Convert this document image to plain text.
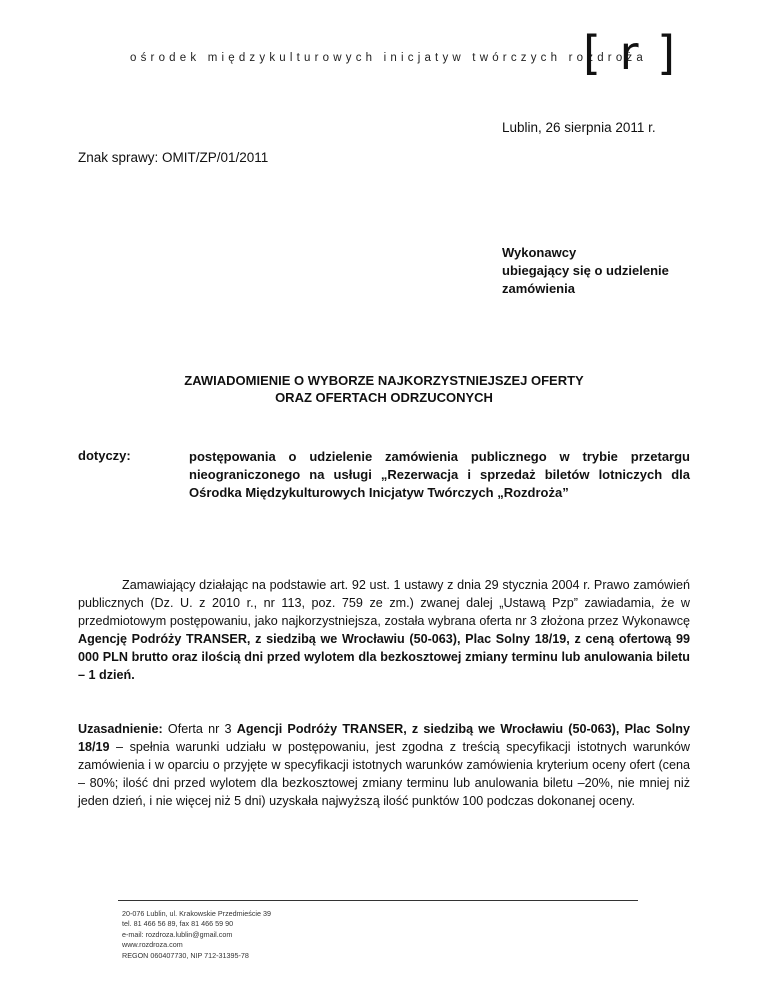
ośrodek międzykulturowych inicjatyw twórczych rozdroża
[ r ]
Lublin, 26 sierpnia 2011 r.
Znak sprawy: OMIT/ZP/01/2011
Wykonawcy
ubiegający się o udzielenie
zamówienia
ZAWIADOMIENIE O WYBORZE NAJKORZYSTNIEJSZEJ OFERTY
ORAZ OFERTACH ODRZUCONYCH
dotyczy:	postępowania o udzielenie zamówienia publicznego w trybie przetargu nieograniczonego na usługi „Rezerwacja i sprzedaż biletów lotniczych dla Ośrodka Międzykulturowych Inicjatyw Twórczych „Rozdroża”
Zamawiający działając na podstawie art. 92 ust. 1 ustawy z dnia 29 stycznia 2004 r. Prawo zamówień publicznych (Dz. U. z 2010 r., nr 113, poz. 759 ze zm.) zwanej dalej „Ustawą Pzp” zawiadamia, że w przedmiotowym postępowaniu, jako najkorzystniejsza, została wybrana oferta nr 3 złożona przez Wykonawcę Agencję Podróży TRANSER, z siedzibą we Wrocławiu (50-063), Plac Solny 18/19, z ceną ofertową 99 000 PLN brutto oraz ilością dni przed wylotem dla bezkosztowej zmiany terminu lub anulowania biletu – 1 dzień.
Uzasadnienie: Oferta nr 3 Agencji Podróży TRANSER, z siedzibą we Wrocławiu (50-063), Plac Solny 18/19 – spełnia warunki udziału w postępowaniu, jest zgodna z treścią specyfikacji istotnych warunków zamówienia i w oparciu o przyjęte w specyfikacji istotnych warunków zamówienia kryterium oceny ofert (cena – 80%; ilość dni przed wylotem dla bezkosztowej zmiany terminu lub anulowania biletu –20%, nie mniej niż jeden dzień, i nie więcej niż 5 dni) uzyskała najwyższą ilość punktów 100 podczas dokonanej oceny.
20-076 Lublin, ul. Krakowskie Przedmieście 39
tel. 81 466 56 89, fax 81 466 59 90
e-mail: rozdroza.lublin@gmail.com
www.rozdroza.com
REGON 060407730, NIP 712-31395-78
